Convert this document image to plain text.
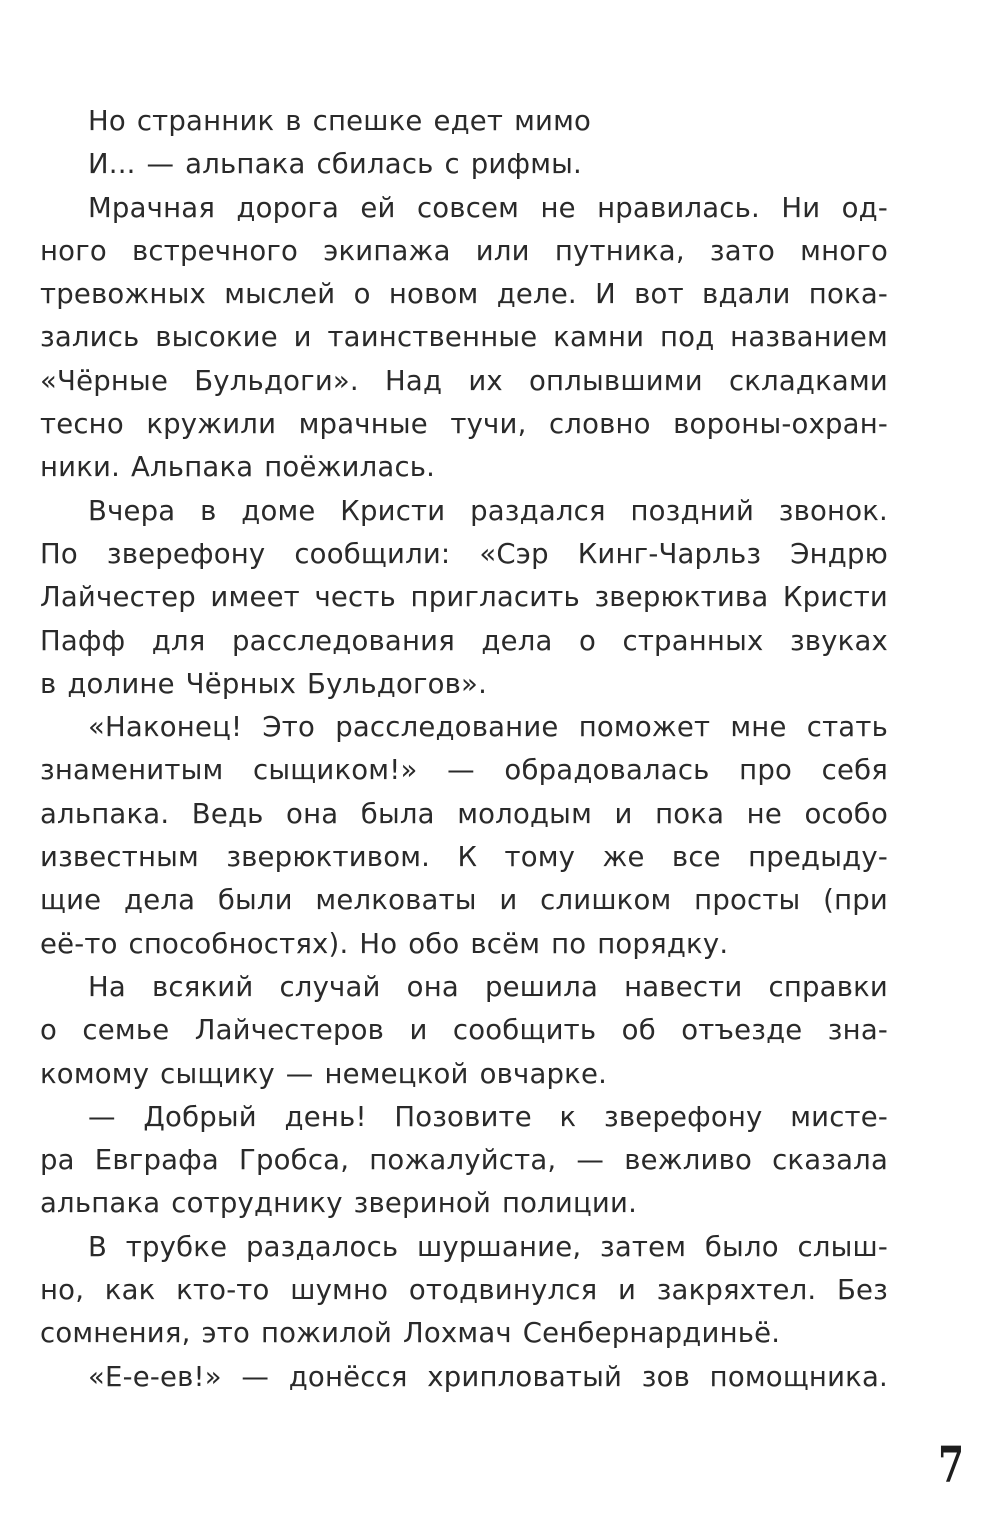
Но странник в спешке едет мимо
И... — альпака сбилась с рифмы.
Мрачная дорога ей совсем не нравилась. Ни од-
ного встречного экипажа или путника, зато много
тревожных мыслей о новом деле. И вот вдали пока-
зались высокие и таинственные камни под названием
«Чёрные Бульдоги». Над их оплывшими складками
тесно кружили мрачные тучи, словно вороны-охран-
ники. Альпака поёжилась.
Вчера в доме Кристи раздался поздний звонок.
По зверефону сообщили: «Сэр Кинг-Чарльз Эндрю
Лайчестер имеет честь пригласить зверюктива Кристи
Пафф для расследования дела о странных звуках
в долине Чёрных Бульдогов».
«Наконец! Это расследование поможет мне стать
знаменитым сыщиком!» — обрадовалась про себя
альпака. Ведь она была молодым и пока не особо
известным зверюктивом. К тому же все предыду-
щие дела были мелковаты и слишком просты (при
её-то способностях). Но обо всём по порядку.
На всякий случай она решила навести справки
о семье Лайчестеров и сообщить об отъезде зна-
комому сыщику — немецкой овчарке.
— Добрый день! Позовите к зверефону мисте-
ра Евграфа Гробса, пожалуйста, — вежливо сказала
альпака сотруднику звериной полиции.
В трубке раздалось шуршание, затем было слыш-
но, как кто-то шумно отодвинулся и закряхтел. Без
сомнения, это пожилой Лохмач Сенбернардиньё.
«Е-е-ев!» — донёсся хрипловатый зов помощника.
7
